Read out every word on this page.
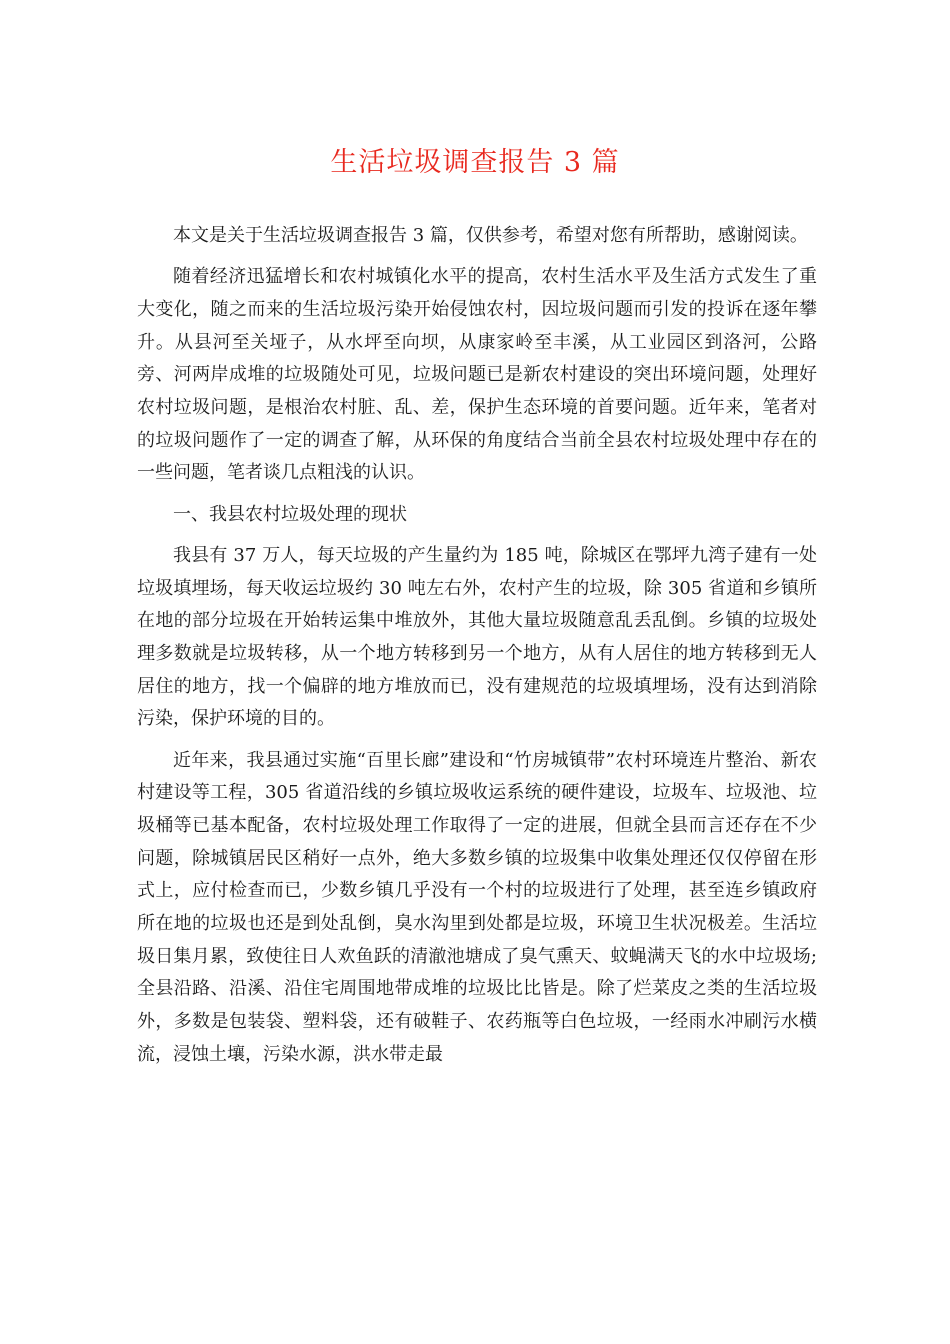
生活垃圾调查报告 3 篇

本文是关于生活垃圾调查报告 3 篇，仅供参考，希望对您有所帮助，感谢阅读。

随着经济迅猛增长和农村城镇化水平的提高，农村生活水平及生活方式发生了重大变化，随之而来的生活垃圾污染开始侵蚀农村，因垃圾问题而引发的投诉在逐年攀升。从县河至关垭子，从水坪至向坝，从康家岭至丰溪，从工业园区到洛河，公路旁、河两岸成堆的垃圾随处可见，垃圾问题已是新农村建设的突出环境问题，处理好农村垃圾问题，是根治农村脏、乱、差，保护生态环境的首要问题。近年来，笔者对的垃圾问题作了一定的调查了解，从环保的角度结合当前全县农村垃圾处理中存在的一些问题，笔者谈几点粗浅的认识。

一、我县农村垃圾处理的现状

我县有 37 万人，每天垃圾的产生量约为 185 吨，除城区在鄂坪九湾子建有一处垃圾填埋场，每天收运垃圾约 30 吨左右外，农村产生的垃圾，除 305 省道和乡镇所在地的部分垃圾在开始转运集中堆放外，其他大量垃圾随意乱丢乱倒。乡镇的垃圾处理多数就是垃圾转移，从一个地方转移到另一个地方，从有人居住的地方转移到无人居住的地方，找一个偏辟的地方堆放而已，没有建规范的垃圾填埋场，没有达到消除污染，保护环境的目的。

近年来，我县通过实施“百里长廊”建设和“竹房城镇带”农村环境连片整治、新农村建设等工程，305 省道沿线的乡镇垃圾收运系统的硬件建设，垃圾车、垃圾池、垃圾桶等已基本配备，农村垃圾处理工作取得了一定的进展，但就全县而言还存在不少问题，除城镇居民区稍好一点外，绝大多数乡镇的垃圾集中收集处理还仅仅停留在形式上，应付检查而已，少数乡镇几乎没有一个村的垃圾进行了处理，甚至连乡镇政府所在地的垃圾也还是到处乱倒，臭水沟里到处都是垃圾，环境卫生状况极差。生活垃圾日集月累，致使往日人欢鱼跃的清澈池塘成了臭气熏天、蚊蝇满天飞的水中垃圾场;全县沿路、沿溪、沿住宅周围地带成堆的垃圾比比皆是。除了烂菜皮之类的生活垃圾外，多数是包装袋、塑料袋，还有破鞋子、农药瓶等白色垃圾，一经雨水冲刷污水横流，浸蚀土壤，污染水源，洪水带走最
